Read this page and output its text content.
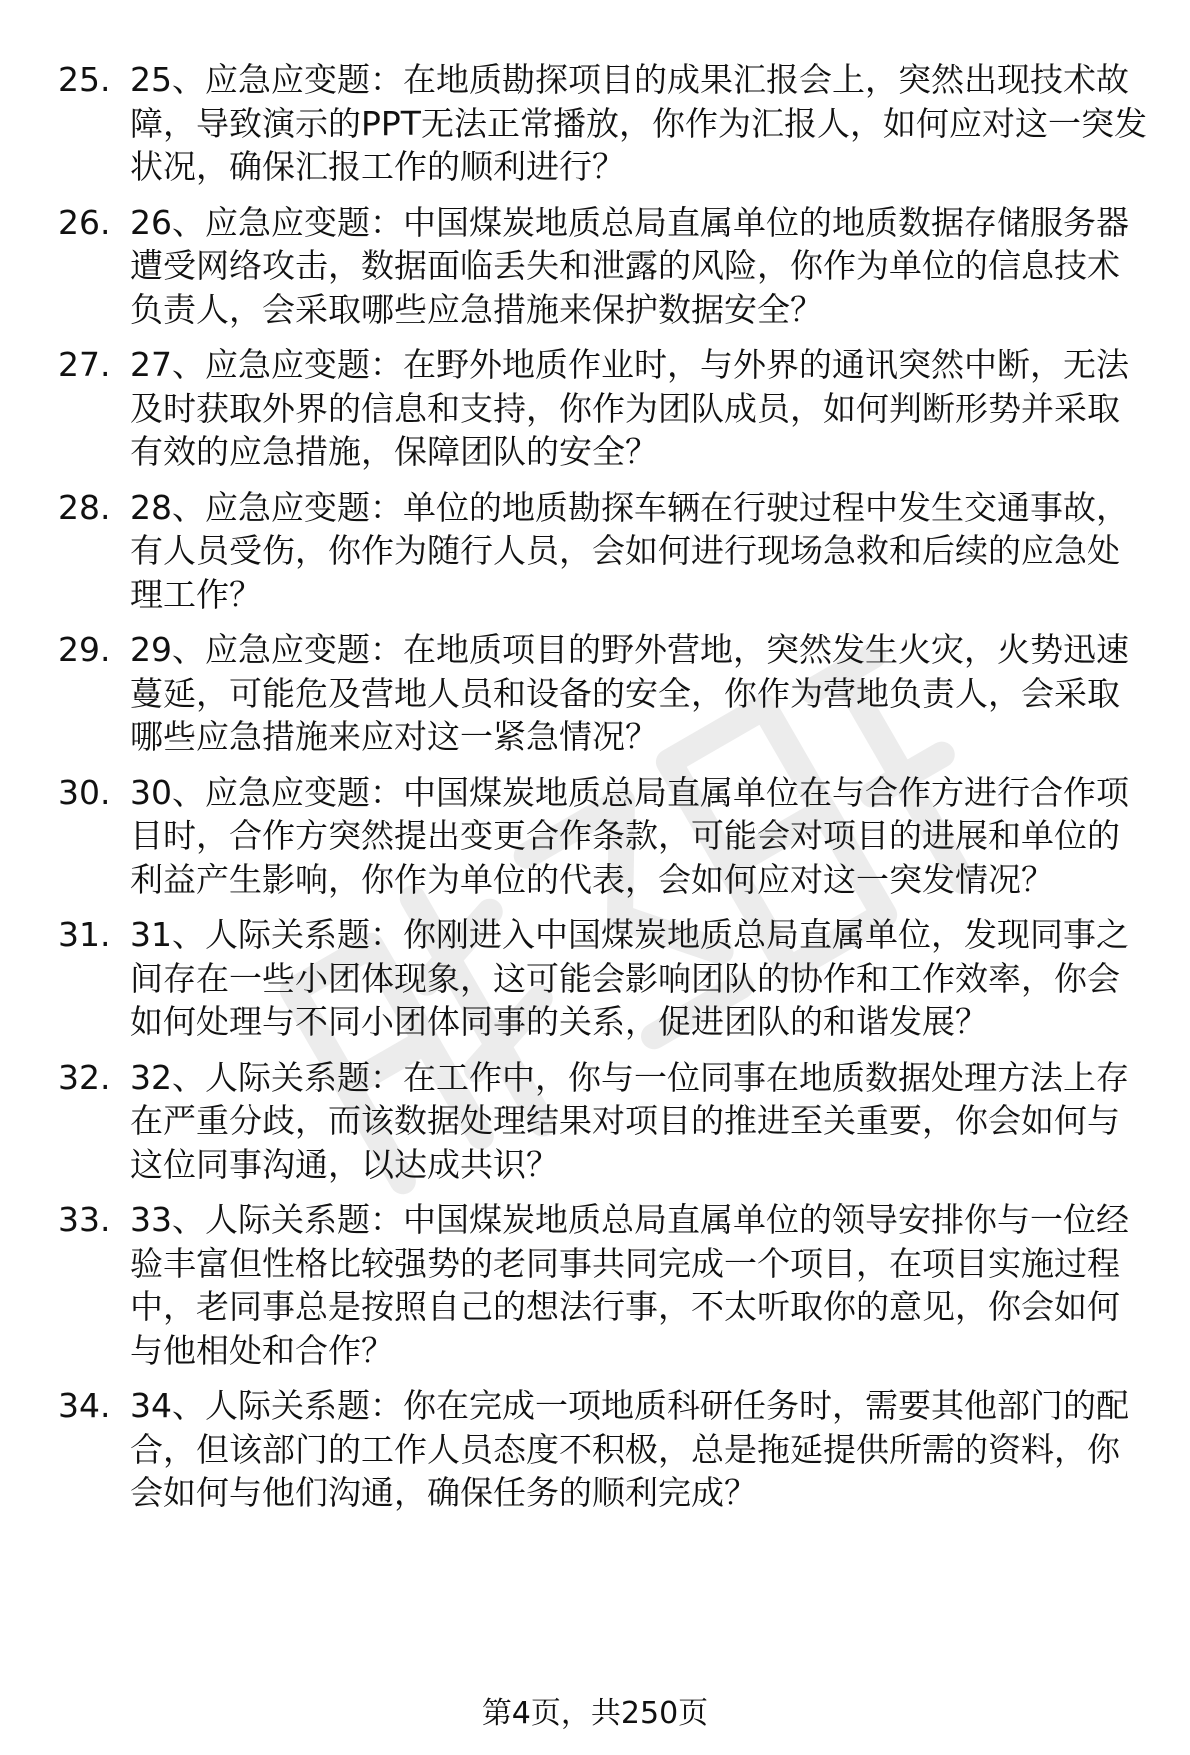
25. 25、应急应变题：在地质勘探项目的成果汇报会上，突然出现技术故障，导致演示的PPT无法正常播放，你作为汇报人，如何应对这一突发状况，确保汇报工作的顺利进行？
26. 26、应急应变题：中国煤炭地质总局直属单位的地质数据存储服务器遭受网络攻击，数据面临丢失和泄露的风险，你作为单位的信息技术负责人，会采取哪些应急措施来保护数据安全？
27. 27、应急应变题：在野外地质作业时，与外界的通讯突然中断，无法及时获取外界的信息和支持，你作为团队成员，如何判断形势并采取有效的应急措施，保障团队的安全？
28. 28、应急应变题：单位的地质勘探车辆在行驶过程中发生交通事故，有人员受伤，你作为随行人员，会如何进行现场急救和后续的应急处理工作？
29. 29、应急应变题：在地质项目的野外营地，突然发生火灾，火势迅速蔓延，可能危及营地人员和设备的安全，你作为营地负责人，会采取哪些应急措施来应对这一紧急情况？
30. 30、应急应变题：中国煤炭地质总局直属单位在与合作方进行合作项目时，合作方突然提出变更合作条款，可能会对项目的进展和单位的利益产生影响，你作为单位的代表，会如何应对这一突发情况？
31. 31、人际关系题：你刚进入中国煤炭地质总局直属单位，发现同事之间存在一些小团体现象，这可能会影响团队的协作和工作效率，你会如何处理与不同小团体同事的关系，促进团队的和谐发展？
32. 32、人际关系题：在工作中，你与一位同事在地质数据处理方法上存在严重分歧，而该数据处理结果对项目的推进至关重要，你会如何与这位同事沟通，以达成共识？
33. 33、人际关系题：中国煤炭地质总局直属单位的领导安排你与一位经验丰富但性格比较强势的老同事共同完成一个项目，在项目实施过程中，老同事总是按照自己的想法行事，不太听取你的意见，你会如何与他相处和合作？
34. 34、人际关系题：你在完成一项地质科研任务时，需要其他部门的配合，但该部门的工作人员态度不积极，总是拖延提供所需的资料，你会如何与他们沟通，确保任务的顺利完成？
第4页，共250页
